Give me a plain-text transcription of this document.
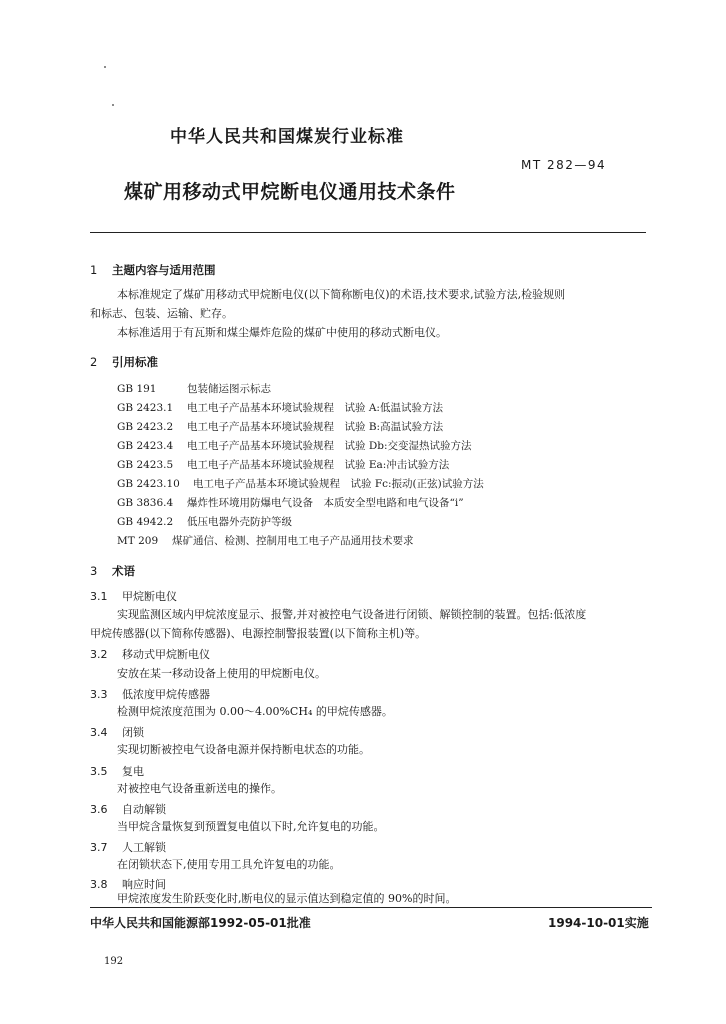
中华人民共和国煤炭行业标准
MT 282—94
煤矿用移动式甲烷断电仪通用技术条件
1 主题内容与适用范围
本标准规定了煤矿用移动式甲烷断电仪(以下简称断电仪)的术语,技术要求,试验方法,检验规则
和标志、包装、运输、贮存。
本标准适用于有瓦斯和煤尘爆炸危险的煤矿中使用的移动式断电仪。
2 引用标准
GB 191	包装储运图示标志
GB 2423.1 电工电子产品基本环境试验规程　试验 A:低温试验方法
GB 2423.2 电工电子产品基本环境试验规程　试验 B:高温试验方法
GB 2423.4 电工电子产品基本环境试验规程　试验 Db:交变湿热试验方法
GB 2423.5 电工电子产品基本环境试验规程　试验 Ea:冲击试验方法
GB 2423.10 电工电子产品基本环境试验规程　试验 Fc:振动(正弦)试验方法
GB 3836.4 爆炸性环境用防爆电气设备　本质安全型电路和电气设备“i”
GB 4942.2 低压电器外壳防护等级
MT 209 煤矿通信、检测、控制用电工电子产品通用技术要求
3 术语
3.1 甲烷断电仪
实现监测区域内甲烷浓度显示、报警,并对被控电气设备进行闭锁、解锁控制的装置。包括:低浓度
甲烷传感器(以下简称传感器)、电源控制警报装置(以下简称主机)等。
3.2 移动式甲烷断电仪
安放在某一移动设备上使用的甲烷断电仪。
3.3 低浓度甲烷传感器
检测甲烷浓度范围为 0.00～4.00%CH₄ 的甲烷传感器。
3.4 闭锁
实现切断被控电气设备电源并保持断电状态的功能。
3.5 复电
对被控电气设备重新送电的操作。
3.6 自动解锁
当甲烷含量恢复到预置复电值以下时,允许复电的功能。
3.7 人工解锁
在闭锁状态下,使用专用工具允许复电的功能。
3.8 响应时间
甲烷浓度发生阶跃变化时,断电仪的显示值达到稳定值的 90%的时间。
中华人民共和国能源部1992-05-01批准	1994-10-01实施
192
